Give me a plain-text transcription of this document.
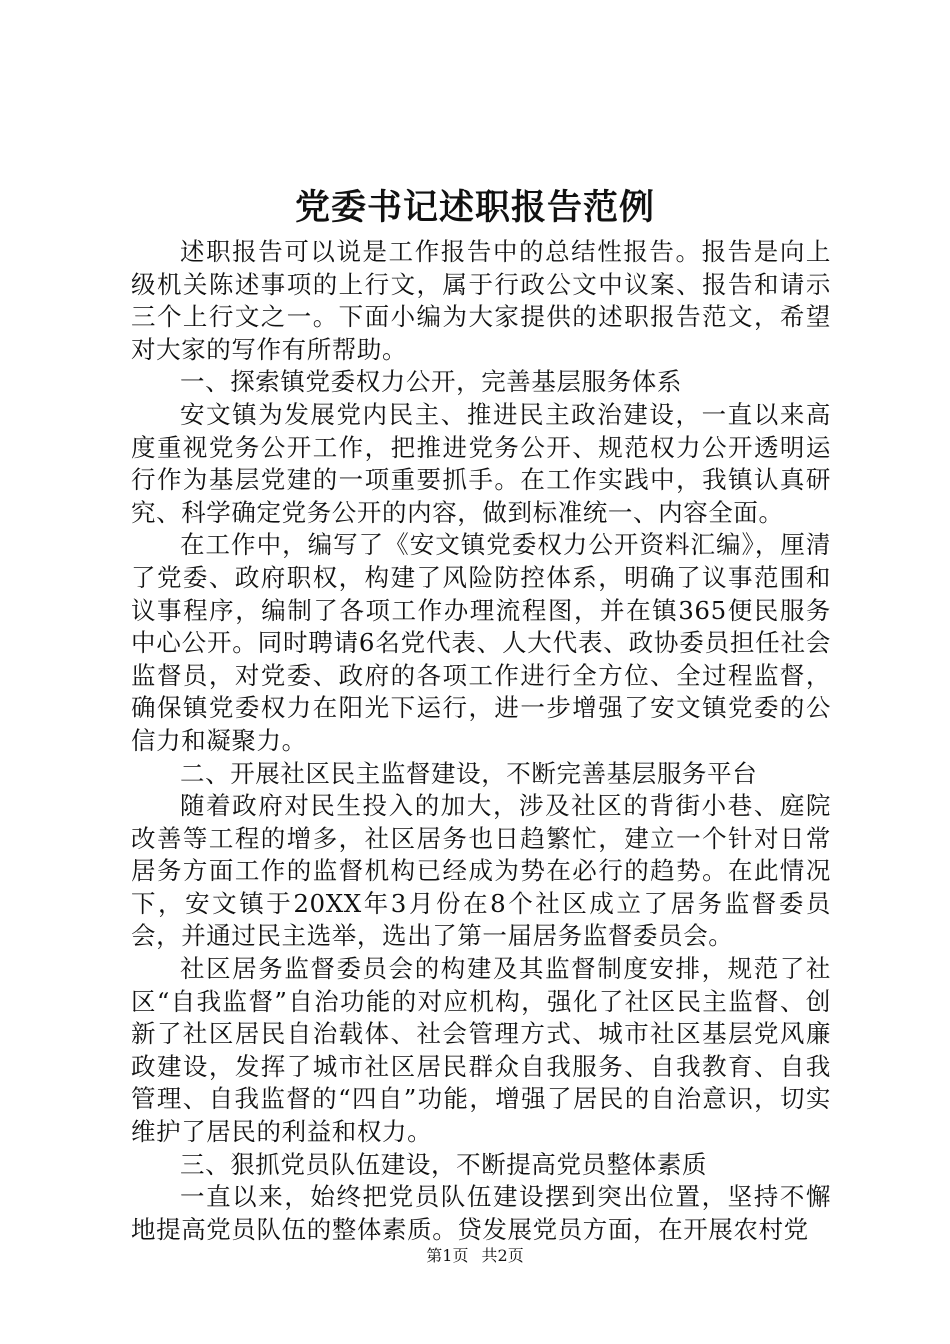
党委书记述职报告范例

述职报告可以说是工作报告中的总结性报告。报告是向上级机关陈述事项的上行文，属于行政公文中议案、报告和请示三个上行文之一。下面小编为大家提供的述职报告范文，希望对大家的写作有所帮助。

一、探索镇党委权力公开，完善基层服务体系

安文镇为发展党内民主、推进民主政治建设，一直以来高度重视党务公开工作，把推进党务公开、规范权力公开透明运行作为基层党建的一项重要抓手。在工作实践中，我镇认真研究、科学确定党务公开的内容，做到标准统一、内容全面。

在工作中，编写了《安文镇党委权力公开资料汇编》，厘清了党委、政府职权，构建了风险防控体系，明确了议事范围和议事程序，编制了各项工作办理流程图，并在镇365便民服务中心公开。同时聘请6名党代表、人大代表、政协委员担任社会监督员，对党委、政府的各项工作进行全方位、全过程监督，确保镇党委权力在阳光下运行，进一步增强了安文镇党委的公信力和凝聚力。

二、开展社区民主监督建设，不断完善基层服务平台

随着政府对民生投入的加大，涉及社区的背街小巷、庭院改善等工程的增多，社区居务也日趋繁忙，建立一个针对日常居务方面工作的监督机构已经成为势在必行的趋势。在此情况下，安文镇于20XX年3月份在8个社区成立了居务监督委员会，并通过民主选举，选出了第一届居务监督委员会。

社区居务监督委员会的构建及其监督制度安排，规范了社区“自我监督”自治功能的对应机构，强化了社区民主监督、创新了社区居民自治载体、社会管理方式、城市社区基层党风廉政建设，发挥了城市社区居民群众自我服务、自我教育、自我管理、自我监督的“四自”功能，增强了居民的自治意识，切实维护了居民的利益和权力。

三、狠抓党员队伍建设，不断提高党员整体素质

一直以来，始终把党员队伍建设摆到突出位置，坚持不懈地提高党员队伍的整体素质。贷发展党员方面，在开展农村党

第1页 共2页
